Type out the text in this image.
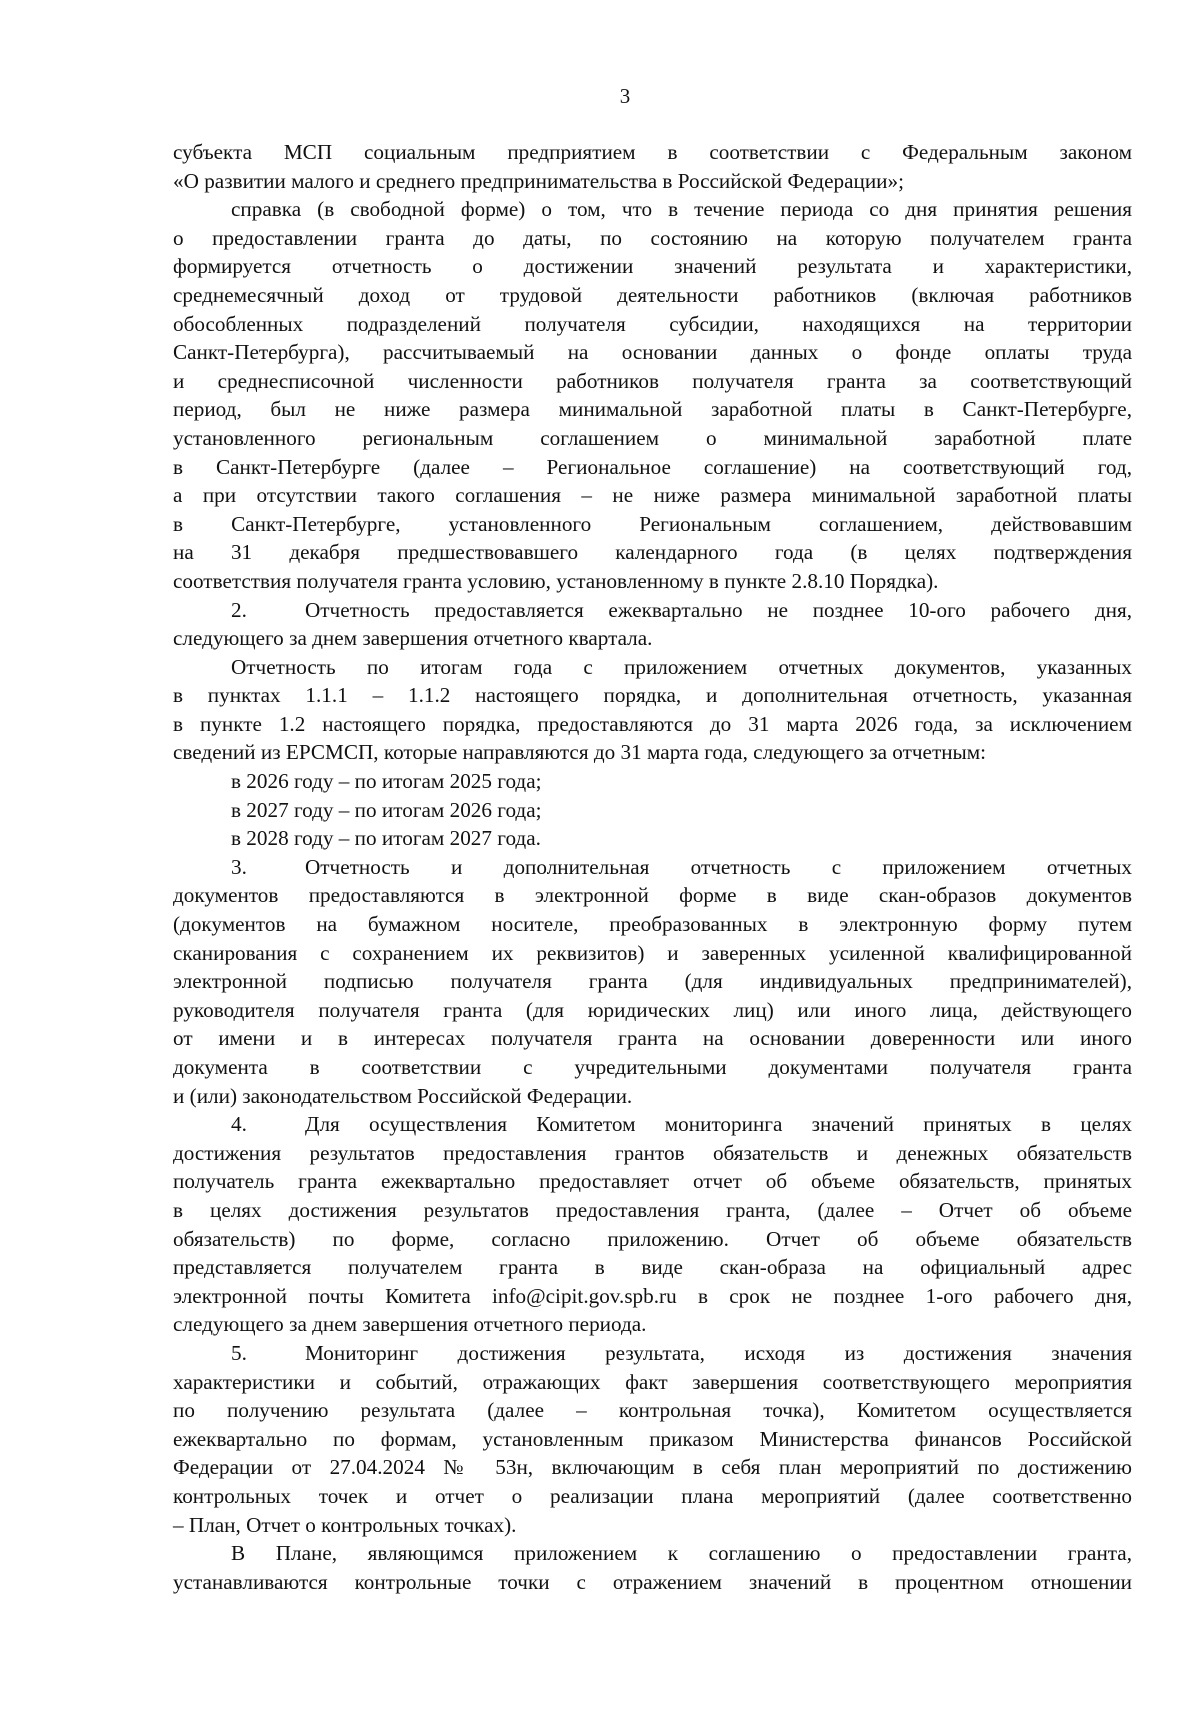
3

субъекта МСП социальным предприятием в соответствии с Федеральным законом

«О развитии малого и среднего предпринимательства в Российской Федерации»;

справка (в свободной форме) о том, что в течение периода со дня принятия решения

о предоставлении гранта до даты, по состоянию на которую получателем гранта

формируется отчетность о достижении значений результата и характеристики,

среднемесячный доход от трудовой деятельности работников (включая работников

обособленных подразделений получателя субсидии, находящихся на территории

Санкт-Петербурга), рассчитываемый на основании данных о фонде оплаты труда

и среднесписочной численности работников получателя гранта за соответствующий

период, был не ниже размера минимальной заработной платы в Санкт-Петербурге,

установленного региональным соглашением о минимальной заработной плате

в Санкт-Петербурге (далее – Региональное соглашение) на соответствующий год,

а при отсутствии такого соглашения – не ниже размера минимальной заработной платы

в Санкт-Петербурге, установленного Региональным соглашением, действовавшим

на 31 декабря предшествовавшего календарного года (в целях подтверждения

соответствия получателя гранта условию, установленному в пункте 2.8.10 Порядка).

2.	Отчетность предоставляется ежеквартально не позднее 10-ого рабочего дня,

следующего за днем завершения отчетного квартала.

Отчетность по итогам года с приложением отчетных документов, указанных

в пунктах 1.1.1 – 1.1.2 настоящего порядка, и дополнительная отчетность, указанная

в пункте 1.2 настоящего порядка, предоставляются до 31 марта 2026 года, за исключением

сведений из ЕРСМСП, которые направляются до 31 марта года, следующего за отчетным:

в 2026 году – по итогам 2025 года;

в 2027 году – по итогам 2026 года;

в 2028 году – по итогам 2027 года.

3.	Отчетность и дополнительная отчетность с приложением отчетных

документов предоставляются в электронной форме в виде скан-образов документов

(документов на бумажном носителе, преобразованных в электронную форму путем

сканирования с сохранением их реквизитов) и заверенных усиленной квалифицированной

электронной подписью получателя гранта (для индивидуальных предпринимателей),

руководителя получателя гранта (для юридических лиц) или иного лица, действующего

от имени и в интересах получателя гранта на основании доверенности или иного

документа в соответствии с учредительными документами получателя гранта

и (или) законодательством Российской Федерации.

4.	Для осуществления Комитетом мониторинга значений принятых в целях

достижения результатов предоставления грантов обязательств и денежных обязательств

получатель гранта ежеквартально предоставляет отчет об объеме обязательств, принятых

в целях достижения результатов предоставления гранта, (далее – Отчет об объеме

обязательств) по форме, согласно приложению. Отчет об объеме обязательств

представляется получателем гранта в виде скан-образа на официальный адрес

электронной почты Комитета info@cipit.gov.spb.ru в срок не позднее 1-ого рабочего дня,

следующего за днем завершения отчетного периода.

5.	Мониторинг достижения результата, исходя из достижения значения

характеристики и событий, отражающих факт завершения соответствующего мероприятия

по получению результата (далее – контрольная точка), Комитетом осуществляется

ежеквартально по формам, установленным приказом Министерства финансов Российской

Федерации от 27.04.2024 № 53н, включающим в себя план мероприятий по достижению

контрольных точек и отчет о реализации плана мероприятий (далее соответственно

– План, Отчет о контрольных точках).

В Плане, являющимся приложением к соглашению о предоставлении гранта,

устанавливаются контрольные точки с отражением значений в процентном отношении
